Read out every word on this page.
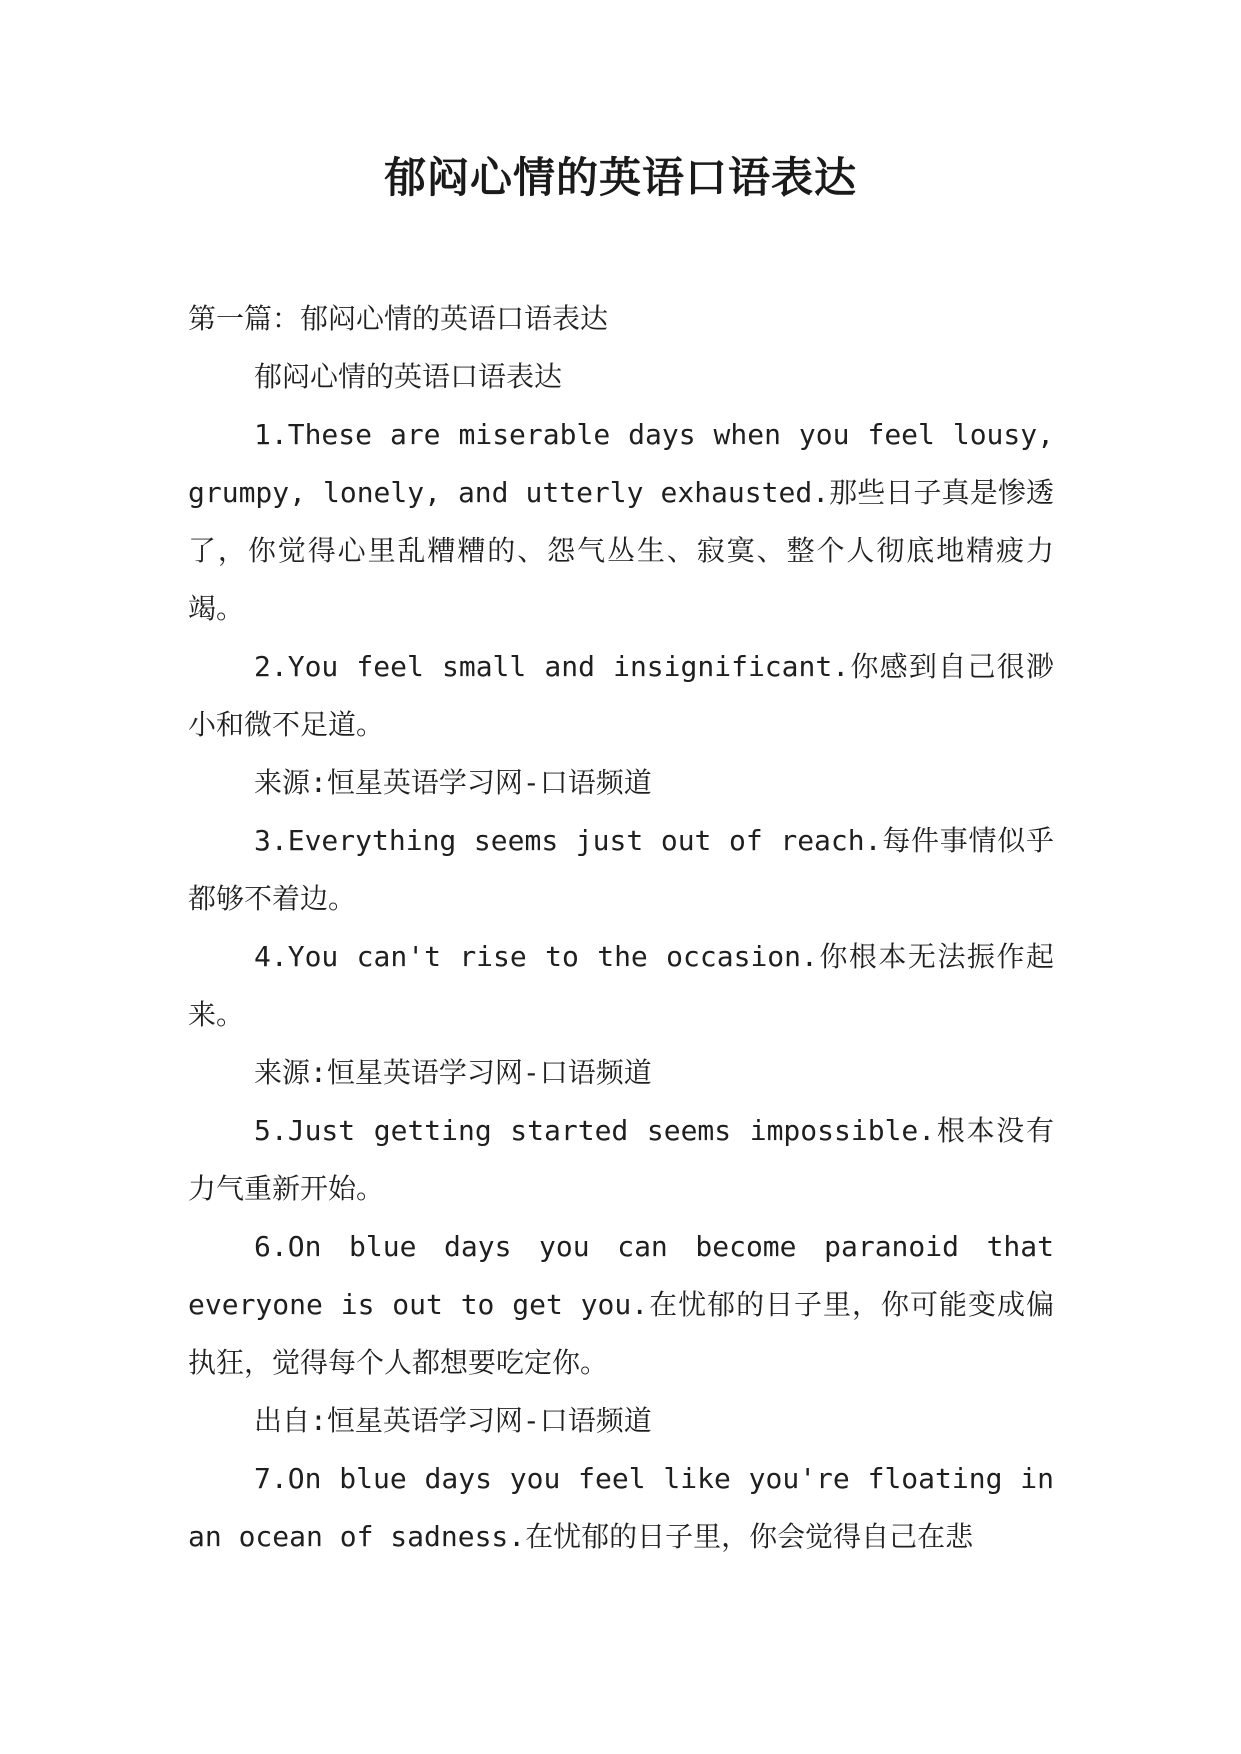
郁闷心情的英语口语表达

第一篇：郁闷心情的英语口语表达

郁闷心情的英语口语表达

1.These are miserable days when you feel lousy, grumpy, lonely, and utterly exhausted.那些日子真是惨透了，你觉得心里乱糟糟的、怨气丛生、寂寞、整个人彻底地精疲力竭。

2.You feel small and insignificant.你感到自己很渺小和微不足道。

来源:恒星英语学习网-口语频道

3.Everything seems just out of reach.每件事情似乎都够不着边。

4.You can't rise to the occasion.你根本无法振作起来。

来源:恒星英语学习网-口语频道

5.Just getting started seems impossible.根本没有力气重新开始。

6.On blue days you can become paranoid that everyone is out to get you.在忧郁的日子里，你可能变成偏执狂，觉得每个人都想要吃定你。

出自:恒星英语学习网-口语频道

7.On blue days you feel like you're floating in an ocean of sadness.在忧郁的日子里，你会觉得自己在悲
